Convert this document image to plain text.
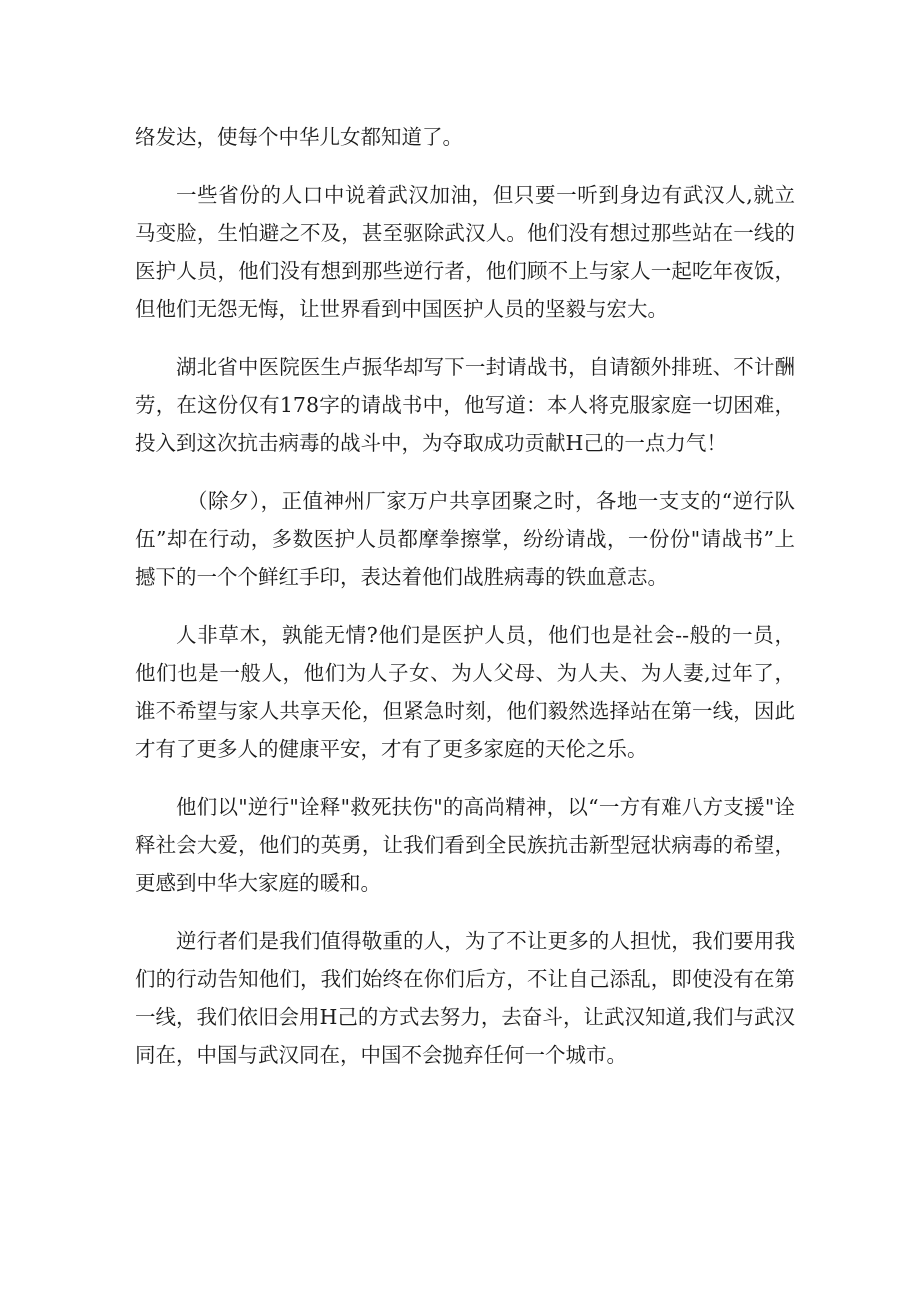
络发达，使每个中华儿女都知道了。

一些省份的人口中说着武汉加油，但只要一听到身边有武汉人,就立马变脸，生怕避之不及，甚至驱除武汉人。他们没有想过那些站在一线的医护人员，他们没有想到那些逆行者，他们顾不上与家人一起吃年夜饭，但他们无怨无悔，让世界看到中国医护人员的坚毅与宏大。

湖北省中医院医生卢振华却写下一封请战书，自请额外排班、不计酬劳，在这份仅有178字的请战书中，他写道：本人将克服家庭一切困难，投入到这次抗击病毒的战斗中，为夺取成功贡献H己的一点力气！

（除夕），正值神州厂家万户共享团聚之时，各地一支支的“逆行队伍”却在行动，多数医护人员都摩拳擦掌，纷纷请战，一份份"请战书”上撼下的一个个鲜红手印，表达着他们战胜病毒的铁血意志。

人非草木，孰能无情?他们是医护人员，他们也是社会--般的一员，他们也是一般人，他们为人子女、为人父母、为人夫、为人妻,过年了，谁不希望与家人共享天伦，但紧急时刻，他们毅然选择站在第一线，因此才有了更多人的健康平安，才有了更多家庭的天伦之乐。

他们以"逆行"诠释"救死扶伤"的高尚精神，以“一方有难八方支援"诠释社会大爱，他们的英勇，让我们看到全民族抗击新型冠状病毒的希望，更感到中华大家庭的暖和。

逆行者们是我们值得敬重的人，为了不让更多的人担忧，我们要用我们的行动告知他们，我们始终在你们后方，不让自己添乱，即使没有在第一线，我们依旧会用H己的方式去努力，去奋斗，让武汉知道,我们与武汉同在，中国与武汉同在，中国不会抛弃任何一个城市。
